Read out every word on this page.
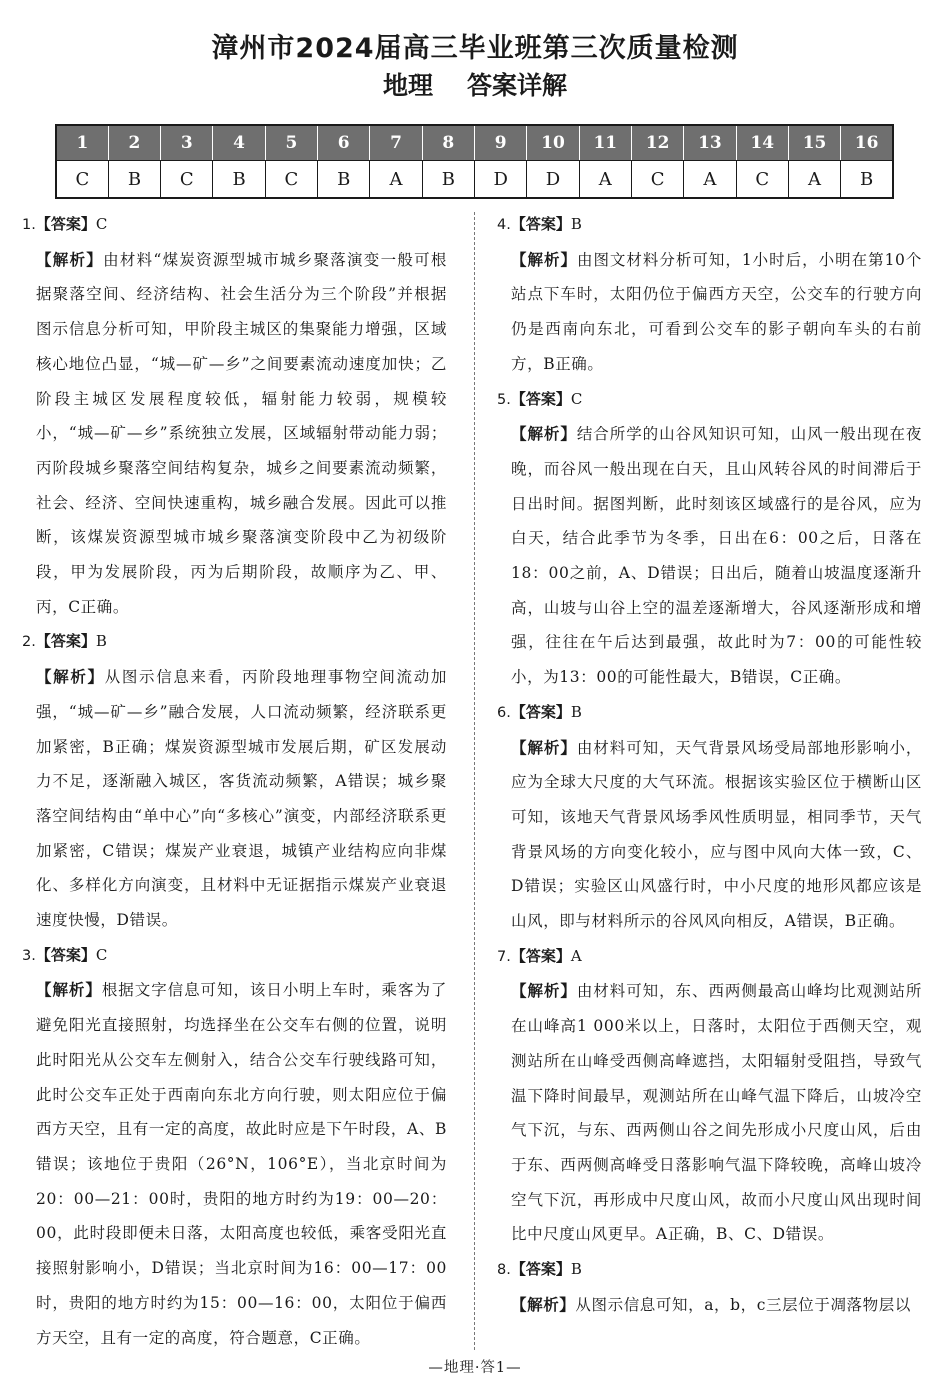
漳州市2024届高三毕业班第三次质量检测
地理 答案详解
1	2	3	4	5	6	7	8	9	10	11	12	13	14	15	16
C	B	C	B	C	B	A	B	D	D	A	C	A	C	A	B
1.【答案】C
【解析】由材料“煤炭资源型城市城乡聚落演变一般可根据聚落空间、经济结构、社会生活分为三个阶段”并根据图示信息分析可知，甲阶段主城区的集聚能力增强，区域核心地位凸显，“城—矿—乡”之间要素流动速度加快；乙阶段主城区发展程度较低，辐射能力较弱，规模较小，“城—矿—乡”系统独立发展，区域辐射带动能力弱；丙阶段城乡聚落空间结构复杂，城乡之间要素流动频繁，社会、经济、空间快速重构，城乡融合发展。因此可以推断，该煤炭资源型城市城乡聚落演变阶段中乙为初级阶段，甲为发展阶段，丙为后期阶段，故顺序为乙、甲、丙，C正确。
2.【答案】B
【解析】从图示信息来看，丙阶段地理事物空间流动加强，“城—矿—乡”融合发展，人口流动频繁，经济联系更加紧密，B正确；煤炭资源型城市发展后期，矿区发展动力不足，逐渐融入城区，客货流动频繁，A错误；城乡聚落空间结构由“单中心”向“多核心”演变，内部经济联系更加紧密，C错误；煤炭产业衰退，城镇产业结构应向非煤化、多样化方向演变，且材料中无证据指示煤炭产业衰退速度快慢，D错误。
3.【答案】C
【解析】根据文字信息可知，该日小明上车时，乘客为了避免阳光直接照射，均选择坐在公交车右侧的位置，说明此时阳光从公交车左侧射入，结合公交车行驶线路可知，此时公交车正处于西南向东北方向行驶，则太阳应位于偏西方天空，且有一定的高度，故此时应是下午时段，A、B错误；该地位于贵阳（26°N，106°E），当北京时间为20：00—21：00时，贵阳的地方时约为19：00—20：00，此时段即便未日落，太阳高度也较低，乘客受阳光直接照射影响小，D错误；当北京时间为16：00—17：00时，贵阳的地方时约为15：00—16：00，太阳位于偏西方天空，且有一定的高度，符合题意，C正确。
4.【答案】B
【解析】由图文材料分析可知，1小时后，小明在第10个站点下车时，太阳仍位于偏西方天空，公交车的行驶方向仍是西南向东北，可看到公交车的影子朝向车头的右前方，B正确。
5.【答案】C
【解析】结合所学的山谷风知识可知，山风一般出现在夜晚，而谷风一般出现在白天，且山风转谷风的时间滞后于日出时间。据图判断，此时刻该区域盛行的是谷风，应为白天，结合此季节为冬季，日出在6：00之后，日落在18：00之前，A、D错误；日出后，随着山坡温度逐渐升高，山坡与山谷上空的温差逐渐增大，谷风逐渐形成和增强，往往在午后达到最强，故此时为7：00的可能性较小，为13：00的可能性最大，B错误，C正确。
6.【答案】B
【解析】由材料可知，天气背景风场受局部地形影响小，应为全球大尺度的大气环流。根据该实验区位于横断山区可知，该地天气背景风场季风性质明显，相同季节，天气背景风场的方向变化较小，应与图中风向大体一致，C、D错误；实验区山风盛行时，中小尺度的地形风都应该是山风，即与材料所示的谷风风向相反，A错误，B正确。
7.【答案】A
【解析】由材料可知，东、西两侧最高山峰均比观测站所在山峰高1 000米以上，日落时，太阳位于西侧天空，观测站所在山峰受西侧高峰遮挡，太阳辐射受阻挡，导致气温下降时间最早，观测站所在山峰气温下降后，山坡冷空气下沉，与东、西两侧山谷之间先形成小尺度山风，后由于东、西两侧高峰受日落影响气温下降较晚，高峰山坡冷空气下沉，再形成中尺度山风，故而小尺度山风出现时间比中尺度山风更早。A正确，B、C、D错误。
8.【答案】B
【解析】从图示信息可知，a，b，c三层位于凋落物层以
—地理·答1—
